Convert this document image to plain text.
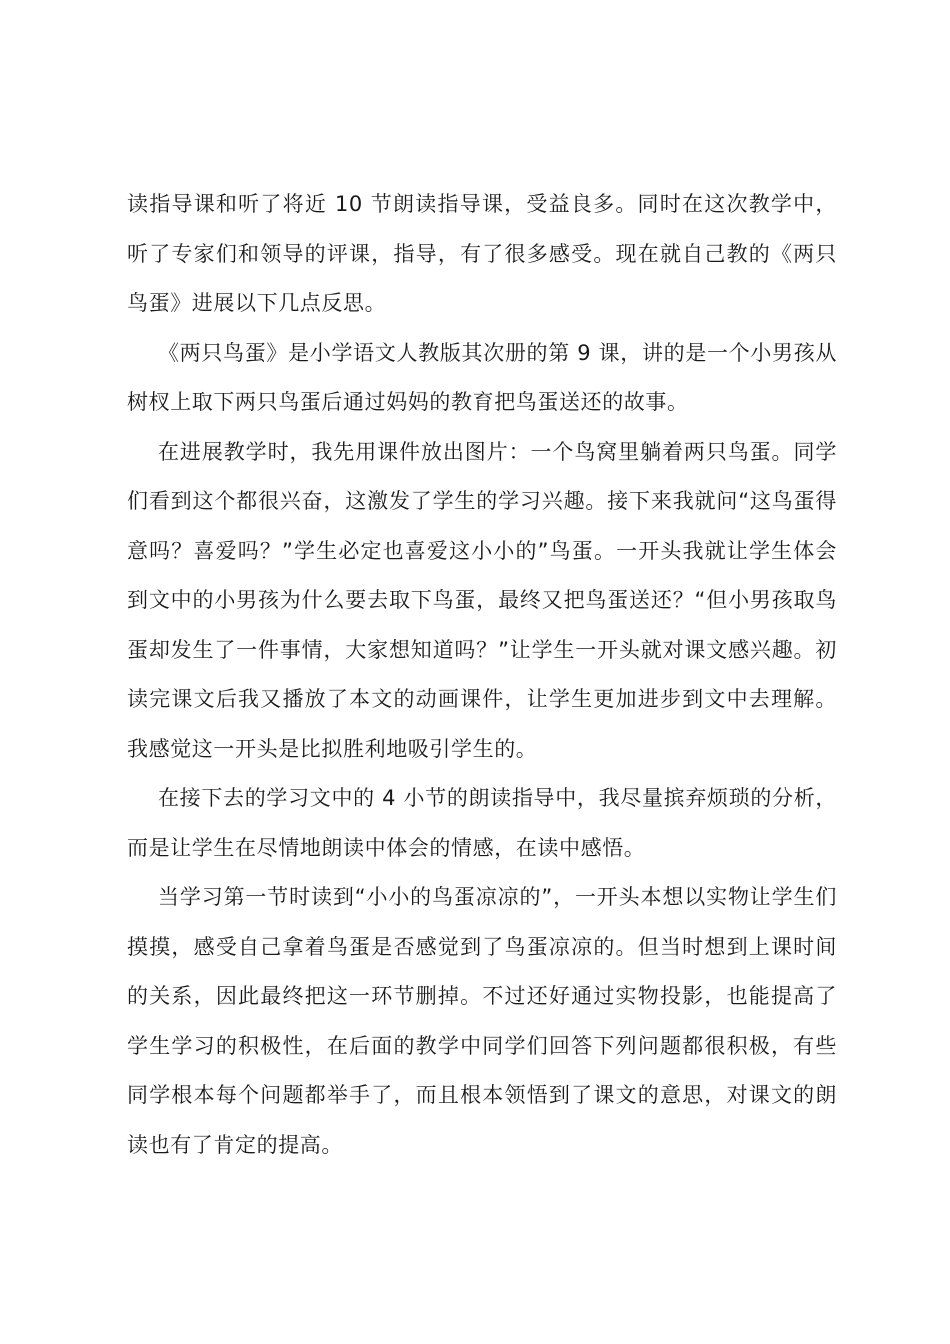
读指导课和听了将近 10 节朗读指导课，受益良多。同时在这次教学中，听了专家们和领导的评课，指导，有了很多感受。现在就自己教的《两只鸟蛋》进展以下几点反思。

《两只鸟蛋》是小学语文人教版其次册的第 9 课，讲的是一个小男孩从树杈上取下两只鸟蛋后通过妈妈的教育把鸟蛋送还的故事。

在进展教学时，我先用课件放出图片：一个鸟窝里躺着两只鸟蛋。同学们看到这个都很兴奋，这激发了学生的学习兴趣。接下来我就问“这鸟蛋得意吗？喜爱吗？”学生必定也喜爱这小小的”鸟蛋。一开头我就让学生体会到文中的小男孩为什么要去取下鸟蛋，最终又把鸟蛋送还？“但小男孩取鸟蛋却发生了一件事情，大家想知道吗？”让学生一开头就对课文感兴趣。初读完课文后我又播放了本文的动画课件，让学生更加进步到文中去理解。我感觉这一开头是比拟胜利地吸引学生的。

在接下去的学习文中的 4 小节的朗读指导中，我尽量摈弃烦琐的分析，而是让学生在尽情地朗读中体会的情感，在读中感悟。

当学习第一节时读到“小小的鸟蛋凉凉的”，一开头本想以实物让学生们摸摸，感受自己拿着鸟蛋是否感觉到了鸟蛋凉凉的。但当时想到上课时间的关系，因此最终把这一环节删掉。不过还好通过实物投影，也能提高了学生学习的积极性，在后面的教学中同学们回答下列问题都很积极，有些同学根本每个问题都举手了，而且根本领悟到了课文的意思，对课文的朗读也有了肯定的提高。
